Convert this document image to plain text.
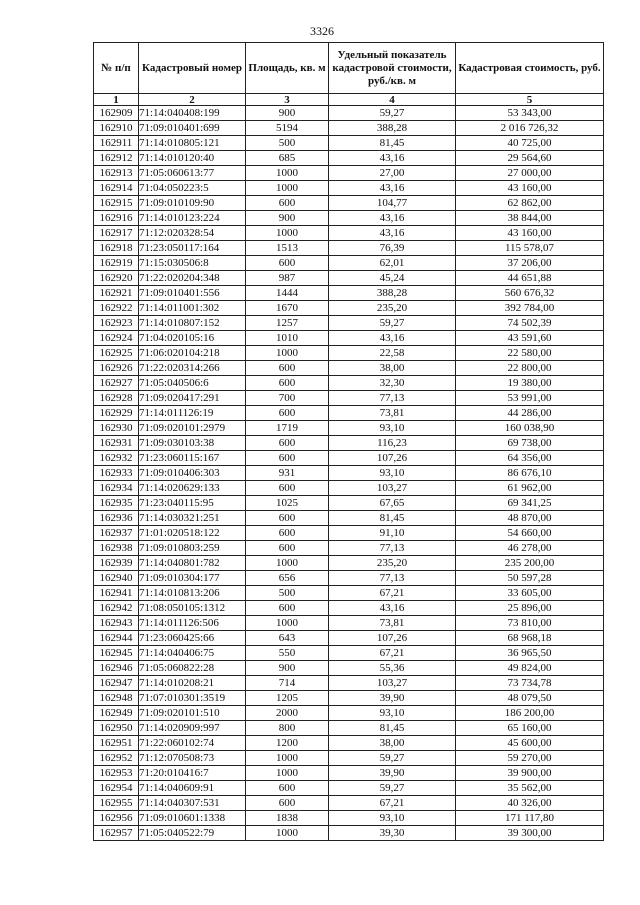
3326
№ п/п	Кадастровый номер	Площадь, кв. м	Удельный показатель кадастровой стоимости, руб./кв. м	Кадастровая стоимость, руб.
1	2	3	4	5
162909	71:14:040408:199	900	59,27	53 343,00
162910	71:09:010401:699	5194	388,28	2 016 726,32
162911	71:14:010805:121	500	81,45	40 725,00
162912	71:14:010120:40	685	43,16	29 564,60
162913	71:05:060613:77	1000	27,00	27 000,00
162914	71:04:050223:5	1000	43,16	43 160,00
162915	71:09:010109:90	600	104,77	62 862,00
162916	71:14:010123:224	900	43,16	38 844,00
162917	71:12:020328:54	1000	43,16	43 160,00
162918	71:23:050117:164	1513	76,39	115 578,07
162919	71:15:030506:8	600	62,01	37 206,00
162920	71:22:020204:348	987	45,24	44 651,88
162921	71:09:010401:556	1444	388,28	560 676,32
162922	71:14:011001:302	1670	235,20	392 784,00
162923	71:14:010807:152	1257	59,27	74 502,39
162924	71:04:020105:16	1010	43,16	43 591,60
162925	71:06:020104:218	1000	22,58	22 580,00
162926	71:22:020314:266	600	38,00	22 800,00
162927	71:05:040506:6	600	32,30	19 380,00
162928	71:09:020417:291	700	77,13	53 991,00
162929	71:14:011126:19	600	73,81	44 286,00
162930	71:09:020101:2979	1719	93,10	160 038,90
162931	71:09:030103:38	600	116,23	69 738,00
162932	71:23:060115:167	600	107,26	64 356,00
162933	71:09:010406:303	931	93,10	86 676,10
162934	71:14:020629:133	600	103,27	61 962,00
162935	71:23:040115:95	1025	67,65	69 341,25
162936	71:14:030321:251	600	81,45	48 870,00
162937	71:01:020518:122	600	91,10	54 660,00
162938	71:09:010803:259	600	77,13	46 278,00
162939	71:14:040801:782	1000	235,20	235 200,00
162940	71:09:010304:177	656	77,13	50 597,28
162941	71:14:010813:206	500	67,21	33 605,00
162942	71:08:050105:1312	600	43,16	25 896,00
162943	71:14:011126:506	1000	73,81	73 810,00
162944	71:23:060425:66	643	107,26	68 968,18
162945	71:14:040406:75	550	67,21	36 965,50
162946	71:05:060822:28	900	55,36	49 824,00
162947	71:14:010208:21	714	103,27	73 734,78
162948	71:07:010301:3519	1205	39,90	48 079,50
162949	71:09:020101:510	2000	93,10	186 200,00
162950	71:14:020909:997	800	81,45	65 160,00
162951	71:22:060102:74	1200	38,00	45 600,00
162952	71:12:070508:73	1000	59,27	59 270,00
162953	71:20:010416:7	1000	39,90	39 900,00
162954	71:14:040609:91	600	59,27	35 562,00
162955	71:14:040307:531	600	67,21	40 326,00
162956	71:09:010601:1338	1838	93,10	171 117,80
162957	71:05:040522:79	1000	39,30	39 300,00
